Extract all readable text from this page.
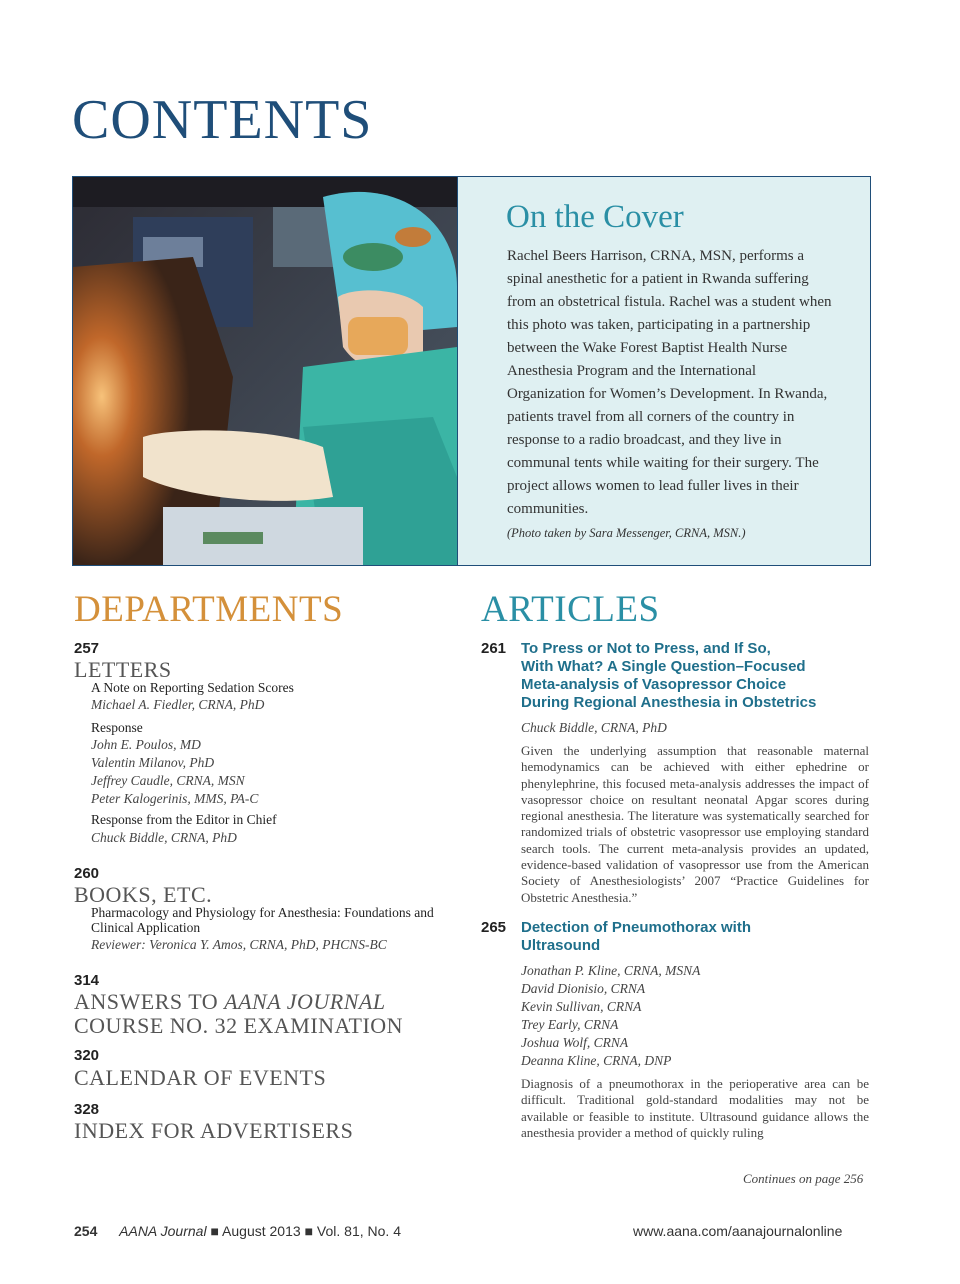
CONTENTS
On the Cover
Rachel Beers Harrison, CRNA, MSN, performs a spinal anesthetic for a patient in Rwanda suffering from an obstetrical fistula. Rachel was a student when this photo was taken, participating in a partnership between the Wake Forest Baptist Health Nurse Anesthesia Program and the International Organization for Women’s Development. In Rwanda, patients travel from all corners of the country in response to a radio broadcast, and they live in communal tents while waiting for their surgery. The project allows women to lead fuller lives in their communities.
(Photo taken by Sara Messenger, CRNA, MSN.)
DEPARTMENTS
257
LETTERS
A Note on Reporting Sedation Scores
Michael A. Fiedler, CRNA, PhD
Response
John E. Poulos, MD
Valentin Milanov, PhD
Jeffrey Caudle, CRNA, MSN
Peter Kalogerinis, MMS, PA-C
Response from the Editor in Chief
Chuck Biddle, CRNA, PhD
260
BOOKS, ETC.
Pharmacology and Physiology for Anesthesia: Foundations and Clinical Application
Reviewer: Veronica Y. Amos, CRNA, PhD, PHCNS-BC
314
ANSWERS TO AANA JOURNAL
COURSE NO. 32 EXAMINATION
320
CALENDAR OF EVENTS
328
INDEX FOR ADVERTISERS
ARTICLES
261 To Press or Not to Press, and If So,
With What? A Single Question–Focused
Meta-analysis of Vasopressor Choice
During Regional Anesthesia in Obstetrics
Chuck Biddle, CRNA, PhD
Given the underlying assumption that reasonable maternal hemodynamics can be achieved with either ephedrine or phenylephrine, this focused meta-analysis addresses the impact of vasopressor choice on resultant neonatal Apgar scores during regional anesthesia. The literature was systematically searched for randomized trials of obstetric vasopressor use employing standard search tools. The current meta-analysis provides an updated, evidence-based validation of vasopressor use from the American Society of Anesthesiologists’ 2007 “Practice Guidelines for Obstetric Anesthesia.”
265 Detection of Pneumothorax with
Ultrasound
Jonathan P. Kline, CRNA, MSNA
David Dionisio, CRNA
Kevin Sullivan, CRNA
Trey Early, CRNA
Joshua Wolf, CRNA
Deanna Kline, CRNA, DNP
Diagnosis of a pneumothorax in the perioperative area can be difficult. Traditional gold-standard modalities may not be available or feasible to institute. Ultrasound guidance allows the anesthesia provider a method of quickly ruling
Continues on page 256
254 AANA Journal ■ August 2013 ■ Vol. 81, No. 4	www.aana.com/aanajournalonline
